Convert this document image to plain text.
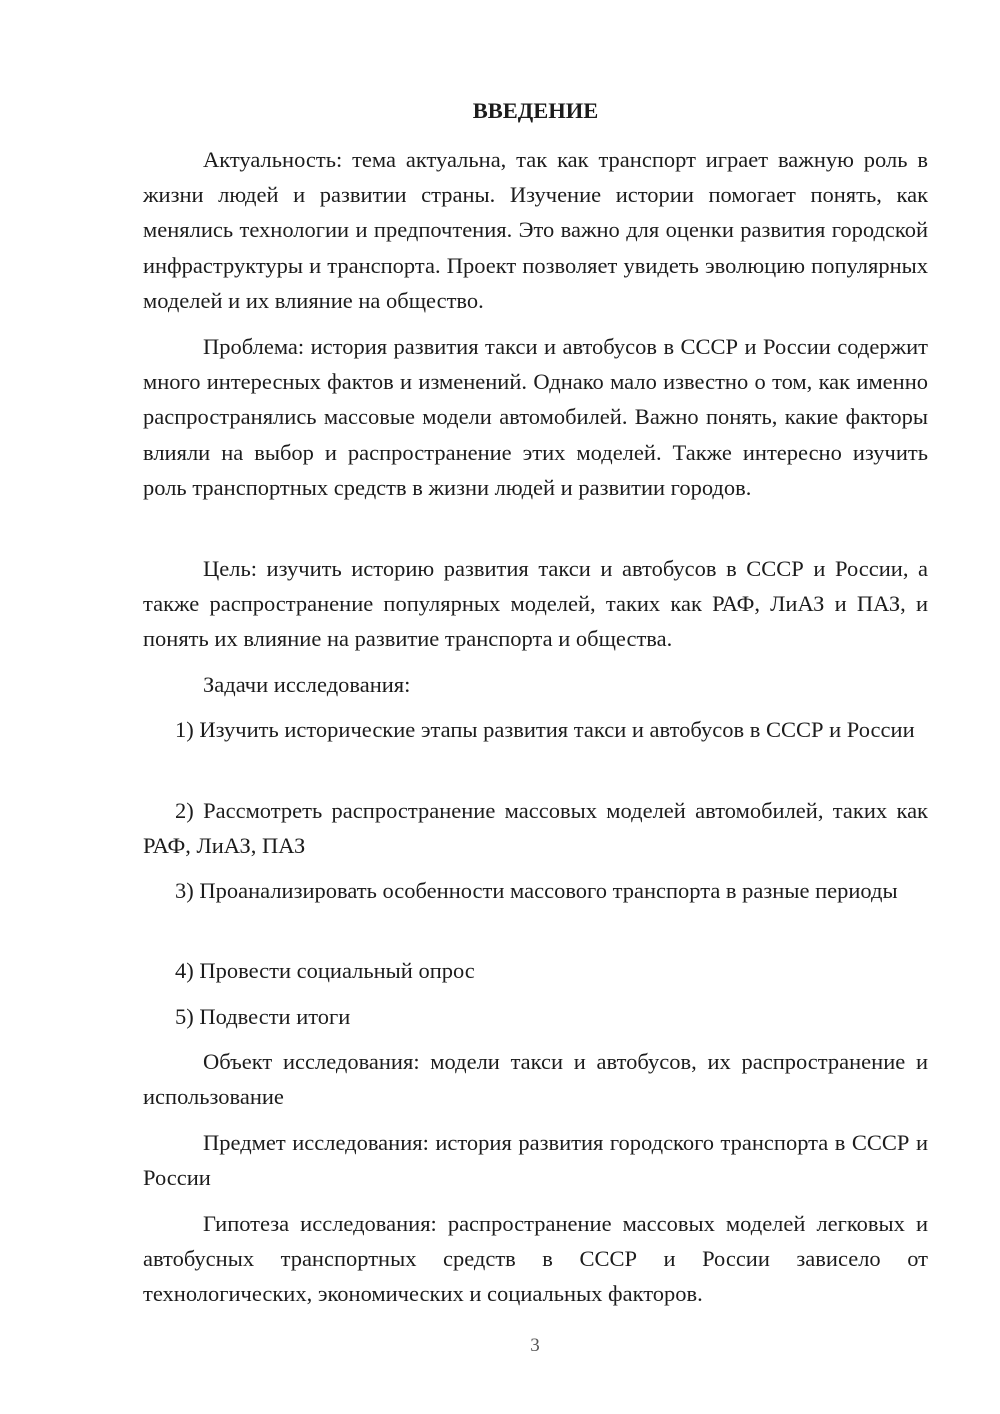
ВВЕДЕНИЕ

Актуальность: тема актуальна, так как транспорт играет важную роль в жизни людей и развитии страны. Изучение истории помогает понять, как менялись технологии и предпочтения. Это важно для оценки развития городской инфраструктуры и транспорта. Проект позволяет увидеть эволюцию популярных моделей и их влияние на общество.

Проблема: история развития такси и автобусов в СССР и России содержит много интересных фактов и изменений. Однако мало известно о том, как именно распространялись массовые модели автомобилей. Важно понять, какие факторы влияли на выбор и распространение этих моделей. Также интересно изучить роль транспортных средств в жизни людей и развитии городов.

Цель: изучить историю развития такси и автобусов в СССР и России, а также распространение популярных моделей, таких как РАФ, ЛиАЗ и ПАЗ, и понять их влияние на развитие транспорта и общества.

Задачи исследования:

1) Изучить исторические этапы развития такси и автобусов в СССР и России

2) Рассмотреть распространение массовых моделей автомобилей, таких как РАФ, ЛиАЗ, ПАЗ

3) Проанализировать особенности массового транспорта в разные периоды

4) Провести социальный опрос

5) Подвести итоги

Объект исследования: модели такси и автобусов, их распространение и использование

Предмет исследования: история развития городского транспорта в СССР и России

Гипотеза исследования: распространение массовых моделей легковых и автобусных транспортных средств в СССР и России зависело от технологических, экономических и социальных факторов.

3
